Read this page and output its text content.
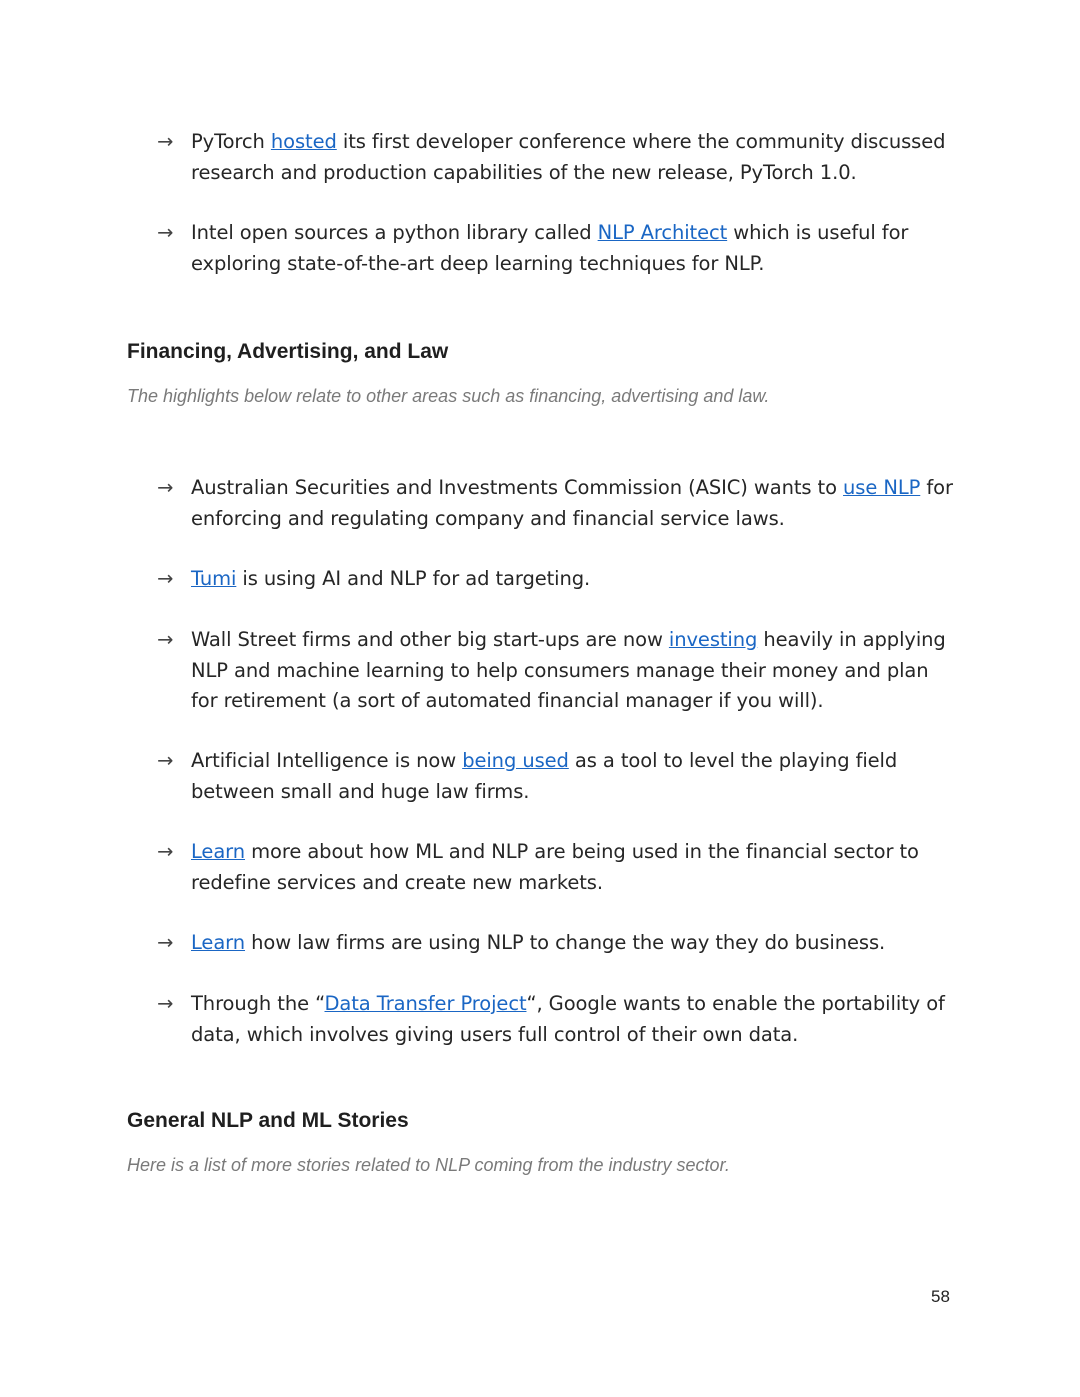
→ PyTorch hosted its first developer conference where the community discussed research and production capabilities of the new release, PyTorch 1.0.
→ Intel open sources a python library called NLP Architect which is useful for exploring state-of-the-art deep learning techniques for NLP.
Financing, Advertising, and Law
The highlights below relate to other areas such as financing, advertising and law.
→ Australian Securities and Investments Commission (ASIC) wants to use NLP for enforcing and regulating company and financial service laws.
→ Tumi is using AI and NLP for ad targeting.
→ Wall Street firms and other big start-ups are now investing heavily in applying NLP and machine learning to help consumers manage their money and plan for retirement (a sort of automated financial manager if you will).
→ Artificial Intelligence is now being used as a tool to level the playing field between small and huge law firms.
→ Learn more about how ML and NLP are being used in the financial sector to redefine services and create new markets.
→ Learn how law firms are using NLP to change the way they do business.
→ Through the “Data Transfer Project“, Google wants to enable the portability of data, which involves giving users full control of their own data.
General NLP and ML Stories
Here is a list of more stories related to NLP coming from the industry sector.
58
